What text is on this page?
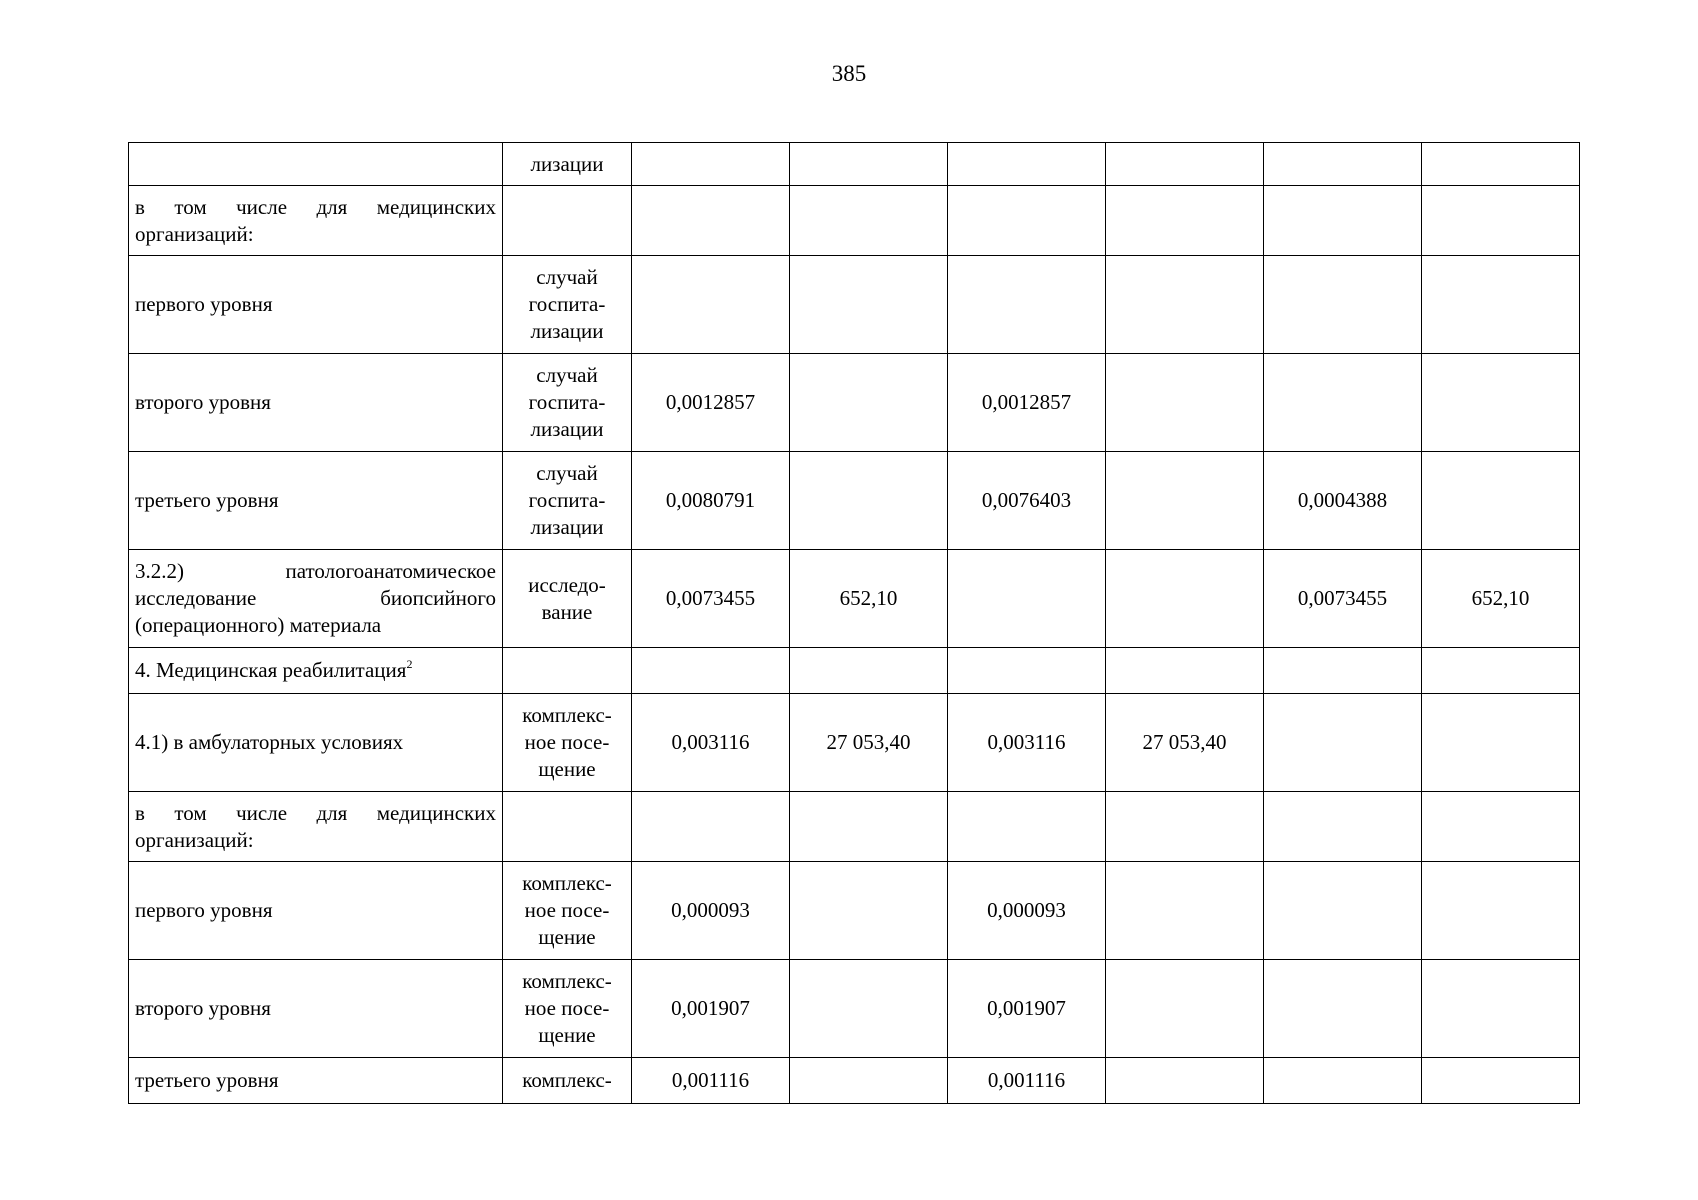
385
	лизации						
в том числе для медицинских организаций:							
первого уровня	случай госпита-лизации						
второго уровня	случай госпита-лизации	0,0012857		0,0012857			
третьего уровня	случай госпита-лизации	0,0080791		0,0076403		0,0004388	
3.2.2) патологоанатомическое исследование биопсийного (операционного) материала	исследо-вание	0,0073455	652,10			0,0073455	652,10
4. Медицинская реабилитация$^2$							
4.1) в амбулаторных условиях	комплекс-ное посе-щение	0,003116	27 053,40	0,003116	27 053,40		
в том числе для медицинских организаций:							
первого уровня	комплекс-ное посе-щение	0,000093		0,000093			
второго уровня	комплекс-ное посе-щение	0,001907		0,001907			
третьего уровня	комплекс-	0,001116		0,001116			
